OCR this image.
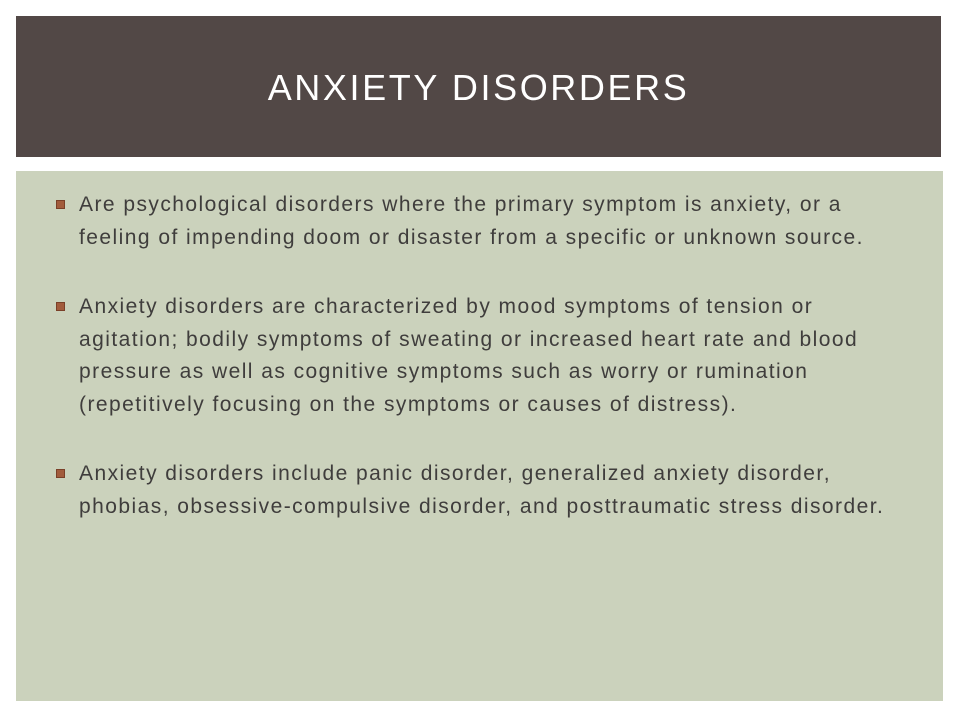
ANXIETY DISORDERS
Are psychological disorders where the primary symptom is anxiety, or a feeling of impending doom or disaster from a specific or unknown source.
Anxiety disorders are characterized by mood symptoms of tension or agitation; bodily symptoms of sweating or increased heart rate and blood pressure as well as cognitive symptoms such as worry or rumination (repetitively focusing on the symptoms or causes of distress).
Anxiety disorders include panic disorder, generalized anxiety disorder, phobias, obsessive-compulsive disorder, and posttraumatic stress disorder.
